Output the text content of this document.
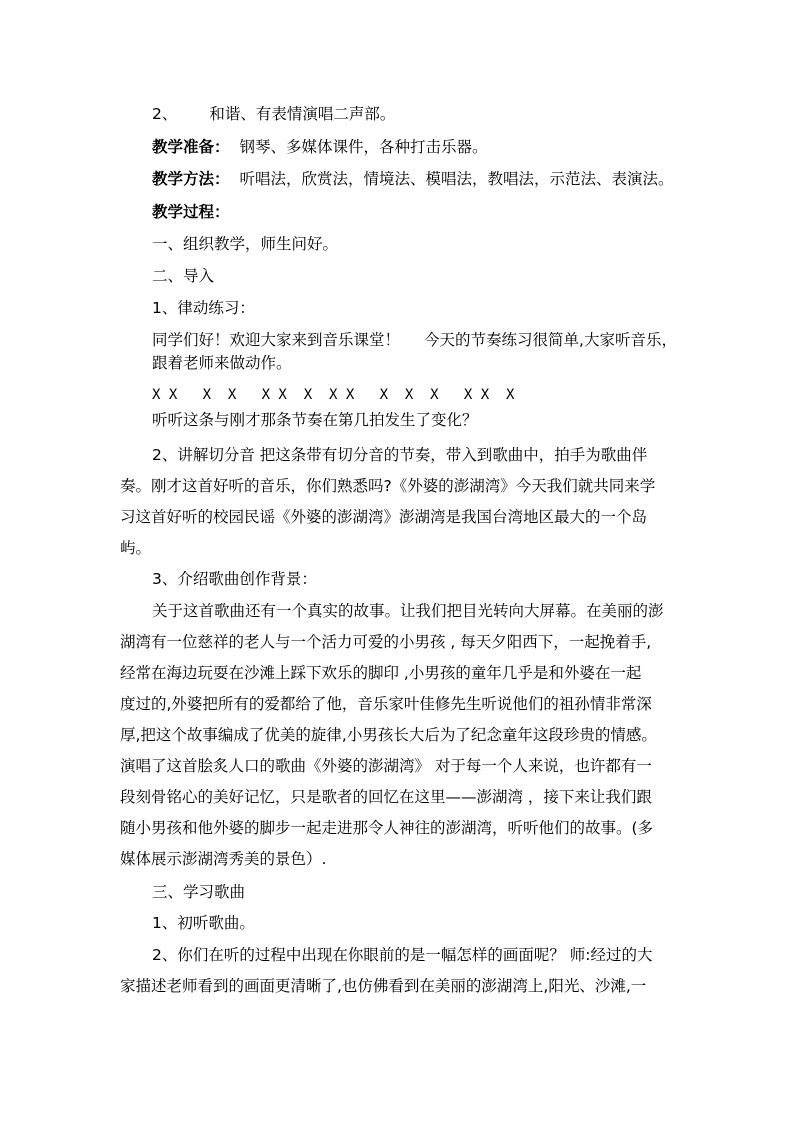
2、 和谐、有表情演唱二声部。
教学准备： 钢琴、多媒体课件，各种打击乐器。
教学方法： 听唱法，欣赏法，情境法、模唱法，教唱法，示范法、表演法。
教学过程：
一、组织教学，师生问好。
二、导入
1、律动练习：
同学们好！欢迎大家来到音乐课堂！ 今天的节奏练习很简单,大家听音乐，
跟着老师来做动作。
X X   X  X   X X  X  X X   X  X  X   X X  X
听听这条与刚才那条节奏在第几拍发生了变化？
2、讲解切分音 把这条带有切分音的节奏，带入到歌曲中，拍手为歌曲伴
奏。刚才这首好听的音乐，你们熟悉吗?《外婆的澎湖湾》今天我们就共同来学
习这首好听的校园民谣《外婆的澎湖湾》澎湖湾是我国台湾地区最大的一个岛
屿。
3、介绍歌曲创作背景：
关于这首歌曲还有一个真实的故事。让我们把目光转向大屏幕。在美丽的澎
湖湾有一位慈祥的老人与一个活力可爱的小男孩 , 每天夕阳西下，一起挽着手,
经常在海边玩耍在沙滩上踩下欢乐的脚印 ,小男孩的童年几乎是和外婆在一起
度过的,外婆把所有的爱都给了他，音乐家叶佳修先生听说他们的祖孙情非常深
厚,把这个故事编成了优美的旋律,小男孩长大后为了纪念童年这段珍贵的情感。
演唱了这首脍炙人口的歌曲《外婆的澎湖湾》 对于每一个人来说，也许都有一
段刻骨铭心的美好记忆，只是歌者的回忆在这里——澎湖湾 ，接下来让我们跟
随小男孩和他外婆的脚步一起走进那令人神往的澎湖湾，听听他们的故事。(多
媒体展示澎湖湾秀美的景色）.
三、学习歌曲
1、初听歌曲。
2、你们在听的过程中出现在你眼前的是一幅怎样的画面呢？ 师:经过的大
家描述老师看到的画面更清晰了,也仿佛看到在美丽的澎湖湾上,阳光、沙滩,一
